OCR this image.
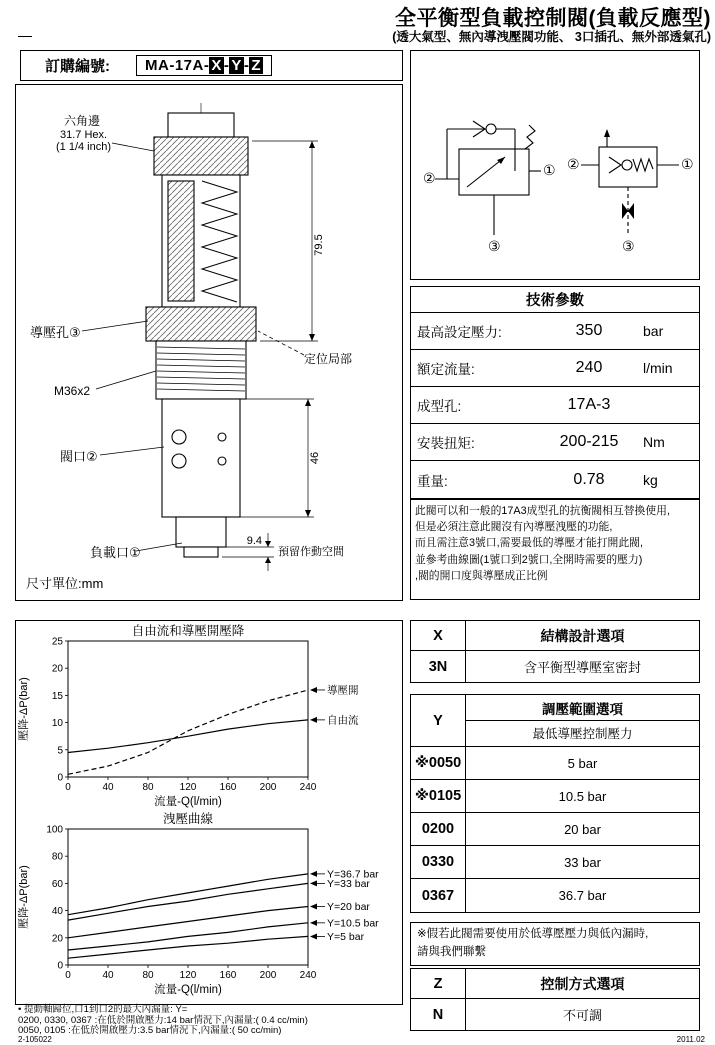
全平衡型負載控制閥(負載反應型)
(透大氣型、無內導洩壓閥功能、 3口插孔、無外部透氣孔)
訂購編號:	MA-17A- X - Y - Z
79.5
46
9.4
預留作動空間
六角邊
31.7 Hex.
(1 1/4 inch)
導壓孔③
M36x2
閥口②
負載口①
定位局部
尺寸單位:mm
②	①
③
②	①
③
技術參數
最高設定壓力:	350	bar
額定流量:	240	l/min
成型孔:	17A-3
安裝扭矩:	200-215	Nm
重量:	0.78	kg
此閥可以和一般的17A3成型孔的抗衡閥相互替換使用,
但是必須注意此閥沒有內導壓洩壓的功能,
而且需注意3號口,需要最低的導壓才能打開此閥,
並參考曲線圖(1號口到2號口,全開時需要的壓力)
,閥的開口度與導壓成正比例
自由流和導壓開壓降
0
5
10
15
20
25
0	40	80	120 160 200 240
流量-Q(l/min)
壓降-ΔP(bar)	導壓開
自由流
洩壓曲線
0
20
40
60
80
100
0	40	80	120 160 200 240
流量-Q(l/min)
壓降-ΔP(bar)	Y=36.7 bar
Y=33 bar
Y=20 bar
Y=10.5 bar
Y=5 bar
• 提動軸歸位,口1到口2的最大內漏量: Y=
0200, 0330, 0367 :在低於開啟壓力:14 bar情況下,內漏量:( 0.4 cc/min)
0050, 0105 :在低於開啟壓力:3.5 bar情況下,內漏量:( 50 cc/min)
X	結構設計選項
3N	含平衡型導壓室密封
Y
調壓範圍選項
最低導壓控制壓力
※0050	5 bar
※0105	10.5 bar
0200	20 bar
0330	33 bar
0367	36.7 bar
※假若此閥需要使用於低導壓壓力與低內漏時,
請與我們聯繫
Z	控制方式選項
N	不可調
2-105022	2011.02
